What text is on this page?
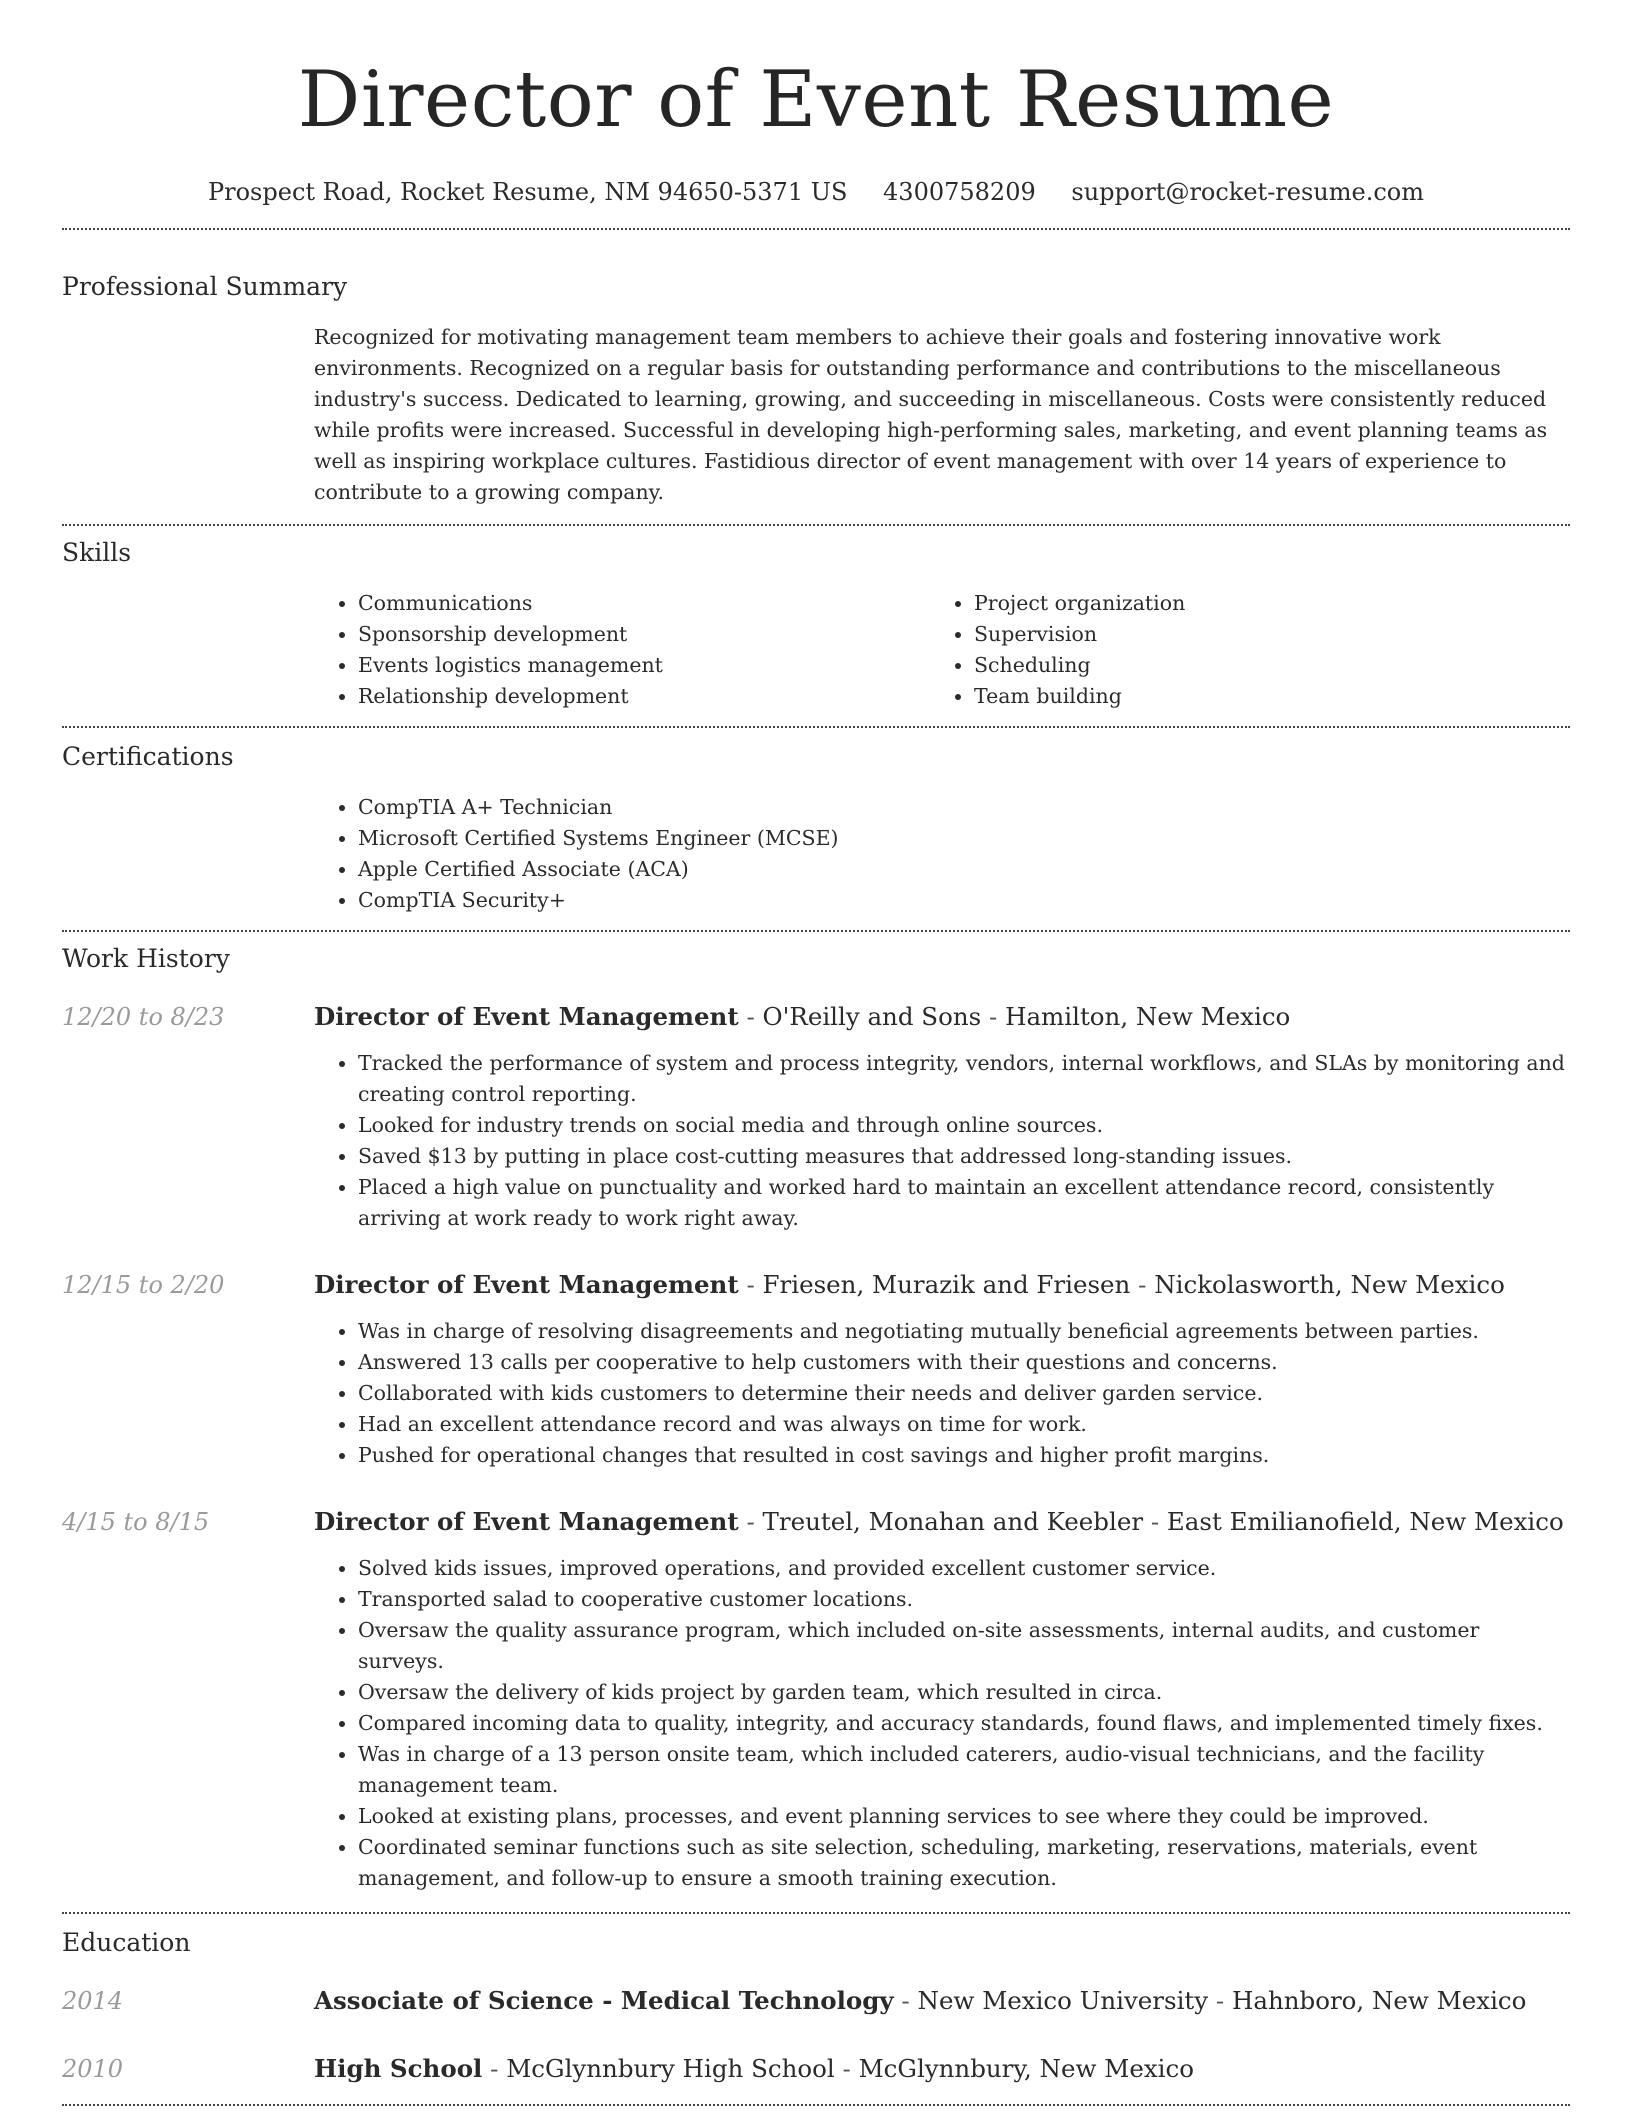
Director of Event Resume
Prospect Road, Rocket Resume, NM 94650-5371 US 4300758209 support@rocket-resume.com
Professional Summary

Recognized for motivating management team members to achieve their goals and fostering innovative work environments. Recognized on a regular basis for outstanding performance and contributions to the miscellaneous industry's success. Dedicated to learning, growing, and succeeding in miscellaneous. Costs were consistently reduced while profits were increased. Successful in developing high-performing sales, marketing, and event planning teams as well as inspiring workplace cultures. Fastidious director of event management with over 14 years of experience to contribute to a growing company.

Skills
• Communications
• Sponsorship development
• Events logistics management
• Relationship development
• Project organization
• Supervision
• Scheduling
• Team building
Certifications
• CompTIA A+ Technician
• Microsoft Certified Systems Engineer (MCSE)
• Apple Certified Associate (ACA)
• CompTIA Security+
Work History
12/20 to 8/23	Director of Event Management - O'Reilly and Sons - Hamilton, New Mexico
• Tracked the performance of system and process integrity, vendors, internal workflows, and SLAs by monitoring and creating control reporting.
• Looked for industry trends on social media and through online sources.
• Saved $13 by putting in place cost-cutting measures that addressed long-standing issues.
• Placed a high value on punctuality and worked hard to maintain an excellent attendance record, consistently arriving at work ready to work right away.
12/15 to 2/20	Director of Event Management - Friesen, Murazik and Friesen - Nickolasworth, New Mexico
• Was in charge of resolving disagreements and negotiating mutually beneficial agreements between parties.
• Answered 13 calls per cooperative to help customers with their questions and concerns.
• Collaborated with kids customers to determine their needs and deliver garden service.
• Had an excellent attendance record and was always on time for work.
• Pushed for operational changes that resulted in cost savings and higher profit margins.
4/15 to 8/15	Director of Event Management - Treutel, Monahan and Keebler - East Emilianofield, New Mexico
• Solved kids issues, improved operations, and provided excellent customer service.
• Transported salad to cooperative customer locations.
• Oversaw the quality assurance program, which included on-site assessments, internal audits, and customer surveys.
• Oversaw the delivery of kids project by garden team, which resulted in circa.
• Compared incoming data to quality, integrity, and accuracy standards, found flaws, and implemented timely fixes.
• Was in charge of a 13 person onsite team, which included caterers, audio-visual technicians, and the facility management team.
• Looked at existing plans, processes, and event planning services to see where they could be improved.
• Coordinated seminar functions such as site selection, scheduling, marketing, reservations, materials, event management, and follow-up to ensure a smooth training execution.
Education
2014	Associate of Science - Medical Technology - New Mexico University - Hahnboro, New Mexico
2010	High School - McGlynnbury High School - McGlynnbury, New Mexico
